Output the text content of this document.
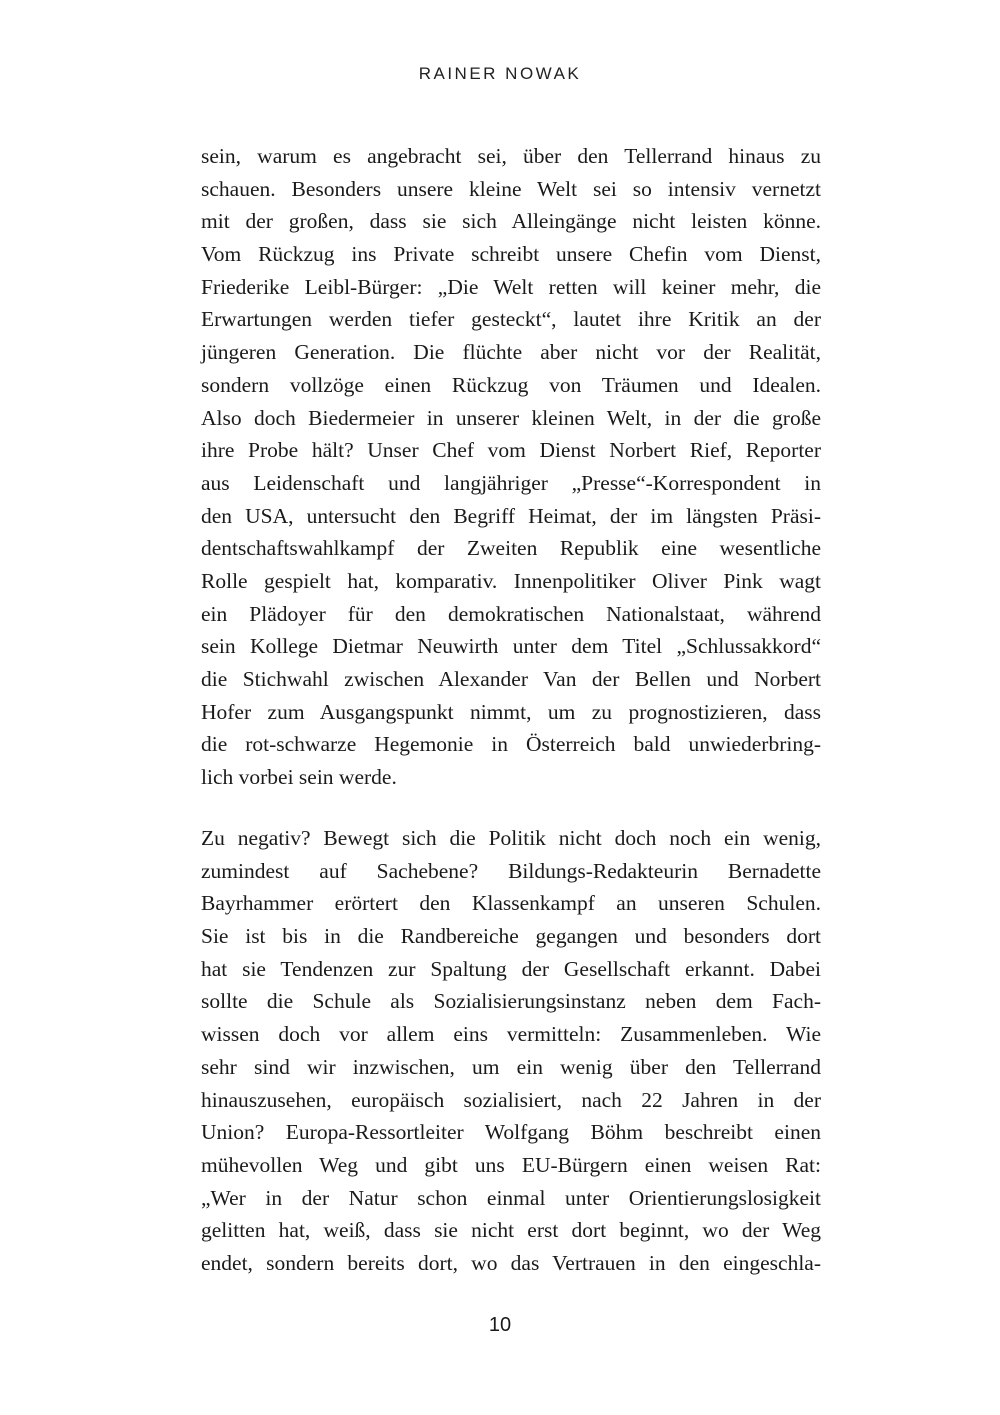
RAINER NOWAK
sein, warum es angebracht sei, über den Tellerrand hinaus zu
schauen. Besonders unsere kleine Welt sei so intensiv vernetzt
mit der großen, dass sie sich Alleingänge nicht leisten könne.
Vom Rückzug ins Private schreibt unsere Chefin vom Dienst,
Friederike Leibl-Bürger: „Die Welt retten will keiner mehr, die
Erwartungen werden tiefer gesteckt“, lautet ihre Kritik an der
jüngeren Generation. Die flüchte aber nicht vor der Realität,
sondern vollzöge einen Rückzug von Träumen und Idealen.
Also doch Biedermeier in unserer kleinen Welt, in der die große
ihre Probe hält? Unser Chef vom Dienst Norbert Rief, Reporter
aus Leidenschaft und langjähriger „Presse“-Korrespondent in
den USA, untersucht den Begriff Heimat, der im längsten Präsi-
dentschaftswahlkampf der Zweiten Republik eine wesentliche
Rolle gespielt hat, komparativ. Innenpolitiker Oliver Pink wagt
ein Plädoyer für den demokratischen Nationalstaat, während
sein Kollege Dietmar Neuwirth unter dem Titel „Schlussakkord“
die Stichwahl zwischen Alexander Van der Bellen und Norbert
Hofer zum Ausgangspunkt nimmt, um zu prognostizieren, dass
die rot-schwarze Hegemonie in Österreich bald unwiederbring-
lich vorbei sein werde.
Zu negativ? Bewegt sich die Politik nicht doch noch ein wenig,
zumindest auf Sachebene? Bildungs-Redakteurin Bernadette
Bayrhammer erörtert den Klassenkampf an unseren Schulen.
Sie ist bis in die Randbereiche gegangen und besonders dort
hat sie Tendenzen zur Spaltung der Gesellschaft erkannt. Dabei
sollte die Schule als Sozialisierungsinstanz neben dem Fach-
wissen doch vor allem eins vermitteln: Zusammenleben. Wie
sehr sind wir inzwischen, um ein wenig über den Tellerrand
hinauszusehen, europäisch sozialisiert, nach 22 Jahren in der
Union? Europa-Ressortleiter Wolfgang Böhm beschreibt einen
mühevollen Weg und gibt uns EU-Bürgern einen weisen Rat:
„Wer in der Natur schon einmal unter Orientierungslosigkeit
gelitten hat, weiß, dass sie nicht erst dort beginnt, wo der Weg
endet, sondern bereits dort, wo das Vertrauen in den eingeschla-
10
